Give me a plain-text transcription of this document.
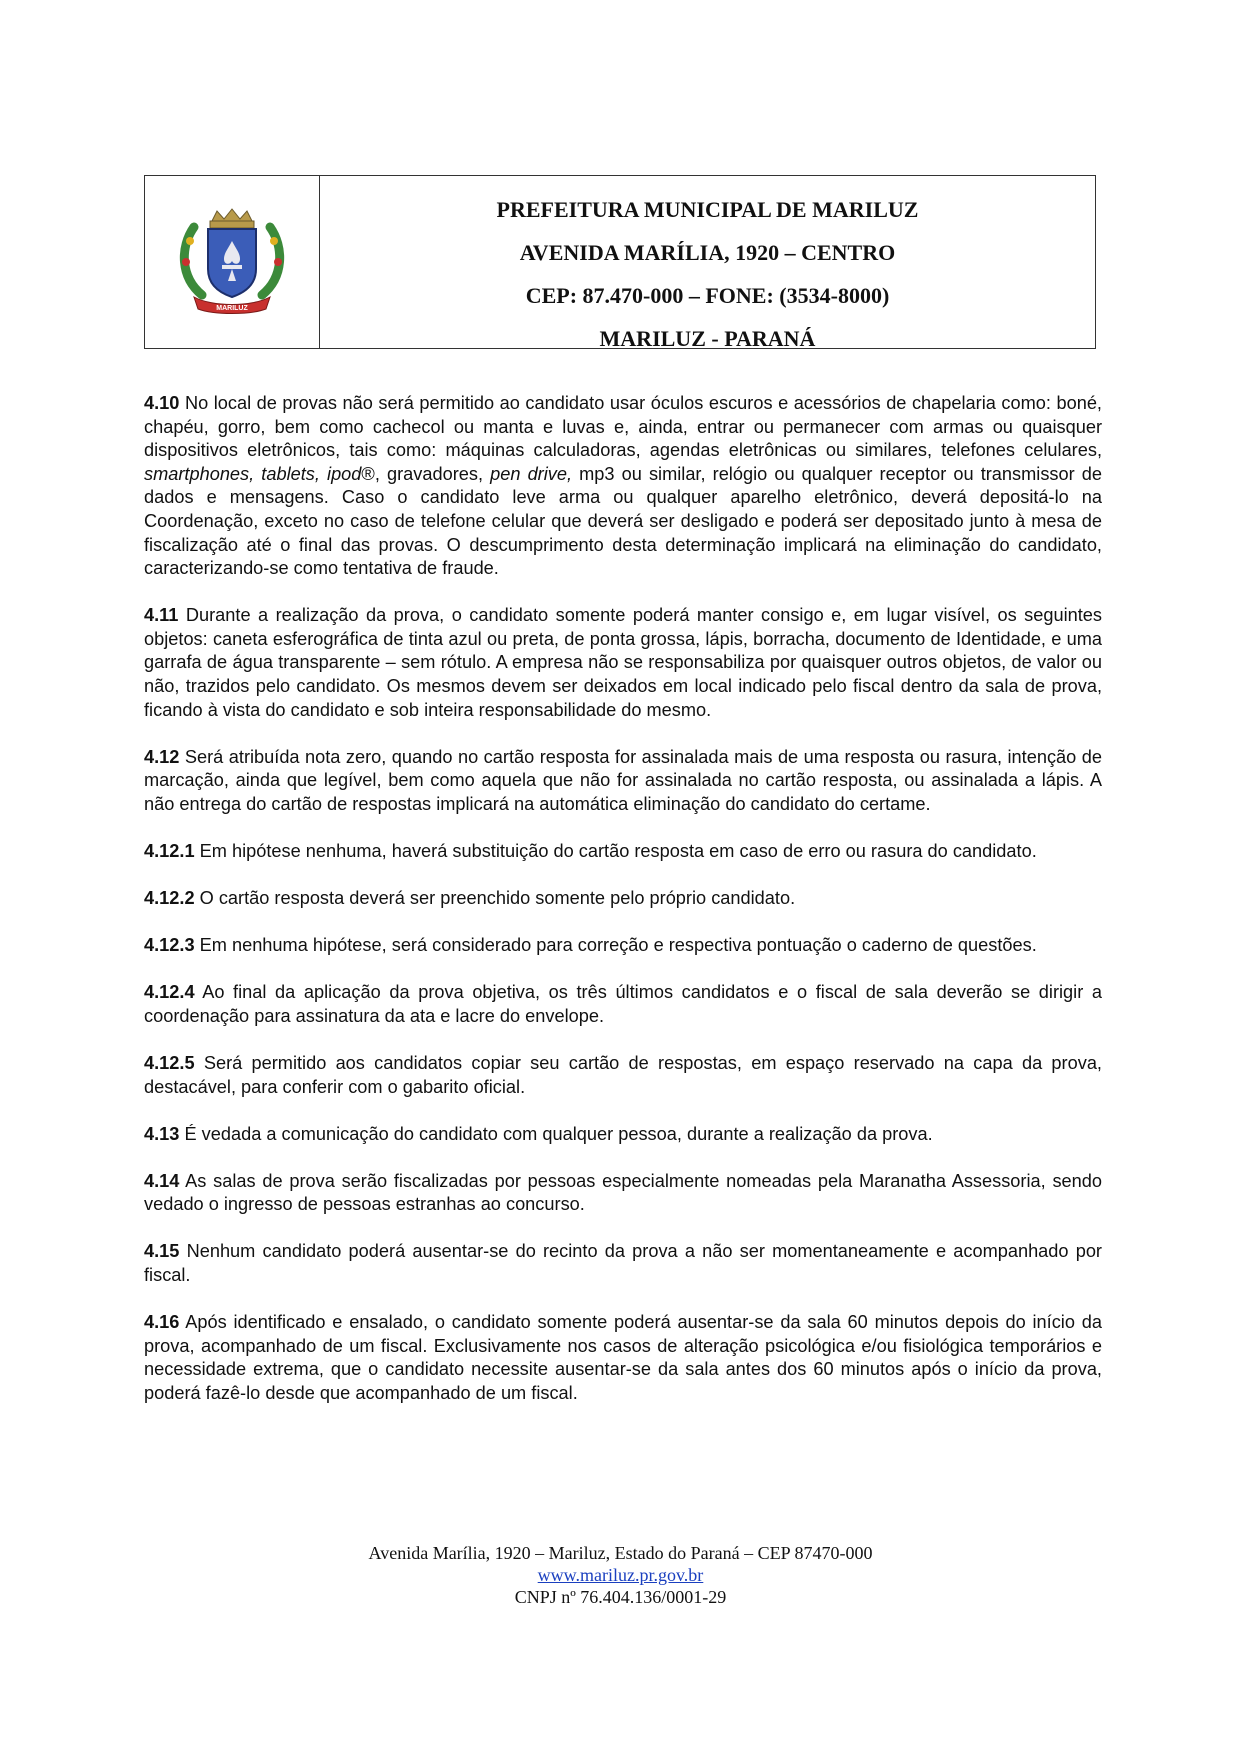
MARILUZ
PREFEITURA MUNICIPAL DE MARILUZ
AVENIDA MARÍLIA, 1920 – CENTRO
CEP: 87.470-000 – FONE: (3534-8000)
MARILUZ - PARANÁ

4.10 No local de provas não será permitido ao candidato usar óculos escuros e acessórios de chapelaria como: boné, chapéu, gorro, bem como cachecol ou manta e luvas e, ainda, entrar ou permanecer com armas ou quaisquer dispositivos eletrônicos, tais como: máquinas calculadoras, agendas eletrônicas ou similares, telefones celulares, smartphones, tablets, ipod®, gravadores, pen drive, mp3 ou similar, relógio ou qualquer receptor ou transmissor de dados e mensagens. Caso o candidato leve arma ou qualquer aparelho eletrônico, deverá depositá-lo na Coordenação, exceto no caso de telefone celular que deverá ser desligado e poderá ser depositado junto à mesa de fiscalização até o final das provas. O descumprimento desta determinação implicará na eliminação do candidato, caracterizando-se como tentativa de fraude.

4.11 Durante a realização da prova, o candidato somente poderá manter consigo e, em lugar visível, os seguintes objetos: caneta esferográfica de tinta azul ou preta, de ponta grossa, lápis, borracha, documento de Identidade, e uma garrafa de água transparente – sem rótulo. A empresa não se responsabiliza por quaisquer outros objetos, de valor ou não, trazidos pelo candidato. Os mesmos devem ser deixados em local indicado pelo fiscal dentro da sala de prova, ficando à vista do candidato e sob inteira responsabilidade do mesmo.

4.12 Será atribuída nota zero, quando no cartão resposta for assinalada mais de uma resposta ou rasura, intenção de marcação, ainda que legível, bem como aquela que não for assinalada no cartão resposta, ou assinalada a lápis. A não entrega do cartão de respostas implicará na automática eliminação do candidato do certame.

4.12.1 Em hipótese nenhuma, haverá substituição do cartão resposta em caso de erro ou rasura do candidato.

4.12.2 O cartão resposta deverá ser preenchido somente pelo próprio candidato.

4.12.3 Em nenhuma hipótese, será considerado para correção e respectiva pontuação o caderno de questões.

4.12.4 Ao final da aplicação da prova objetiva, os três últimos candidatos e o fiscal de sala deverão se dirigir a coordenação para assinatura da ata e lacre do envelope.

4.12.5 Será permitido aos candidatos copiar seu cartão de respostas, em espaço reservado na capa da prova, destacável, para conferir com o gabarito oficial.

4.13 É vedada a comunicação do candidato com qualquer pessoa, durante a realização da prova.

4.14 As salas de prova serão fiscalizadas por pessoas especialmente nomeadas pela Maranatha Assessoria, sendo vedado o ingresso de pessoas estranhas ao concurso.

4.15 Nenhum candidato poderá ausentar-se do recinto da prova a não ser momentaneamente e acompanhado por fiscal.

4.16 Após identificado e ensalado, o candidato somente poderá ausentar-se da sala 60 minutos depois do início da prova, acompanhado de um fiscal. Exclusivamente nos casos de alteração psicológica e/ou fisiológica temporários e necessidade extrema, que o candidato necessite ausentar-se da sala antes dos 60 minutos após o início da prova, poderá fazê-lo desde que acompanhado de um fiscal.

Avenida Marília, 1920 – Mariluz, Estado do Paraná – CEP 87470-000
www.mariluz.pr.gov.br
CNPJ nº 76.404.136/0001-29
